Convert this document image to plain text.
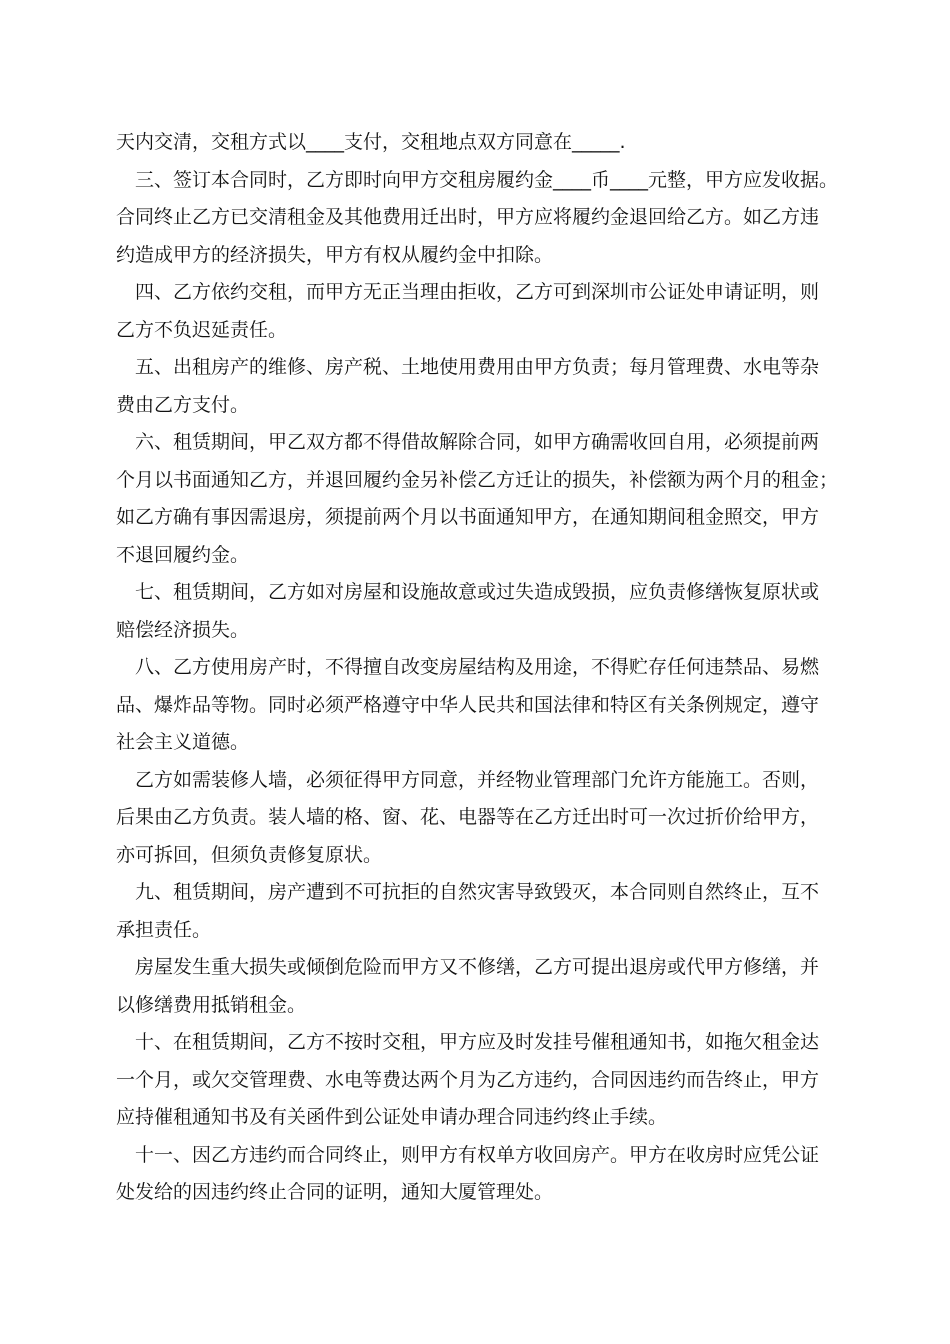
天内交清，交租方式以____支付，交租地点双方同意在_____.
三、签订本合同时，乙方即时向甲方交租房履约金____币____元整，甲方应发收据。
合同终止乙方已交清租金及其他费用迁出时，甲方应将履约金退回给乙方。如乙方违
约造成甲方的经济损失，甲方有权从履约金中扣除。
四、乙方依约交租，而甲方无正当理由拒收，乙方可到深圳市公证处申请证明，则
乙方不负迟延责任。
五、出租房产的维修、房产税、土地使用费用由甲方负责；每月管理费、水电等杂
费由乙方支付。
六、租赁期间，甲乙双方都不得借故解除合同，如甲方确需收回自用，必须提前两
个月以书面通知乙方，并退回履约金另补偿乙方迁让的损失，补偿额为两个月的租金；
如乙方确有事因需退房，须提前两个月以书面通知甲方，在通知期间租金照交，甲方
不退回履约金。
七、租赁期间，乙方如对房屋和设施故意或过失造成毁损，应负责修缮恢复原状或
赔偿经济损失。
八、乙方使用房产时，不得擅自改变房屋结构及用途，不得贮存任何违禁品、易燃
品、爆炸品等物。同时必须严格遵守中华人民共和国法律和特区有关条例规定，遵守
社会主义道德。
乙方如需装修人墙，必须征得甲方同意，并经物业管理部门允许方能施工。否则，
后果由乙方负责。装人墙的格、窗、花、电器等在乙方迁出时可一次过折价给甲方，
亦可拆回，但须负责修复原状。
九、租赁期间，房产遭到不可抗拒的自然灾害导致毁灭，本合同则自然终止，互不
承担责任。
房屋发生重大损失或倾倒危险而甲方又不修缮，乙方可提出退房或代甲方修缮，并
以修缮费用抵销租金。
十、在租赁期间，乙方不按时交租，甲方应及时发挂号催租通知书，如拖欠租金达
一个月，或欠交管理费、水电等费达两个月为乙方违约，合同因违约而告终止，甲方
应持催租通知书及有关函件到公证处申请办理合同违约终止手续。
十一、因乙方违约而合同终止，则甲方有权单方收回房产。甲方在收房时应凭公证
处发给的因违约终止合同的证明，通知大厦管理处。
